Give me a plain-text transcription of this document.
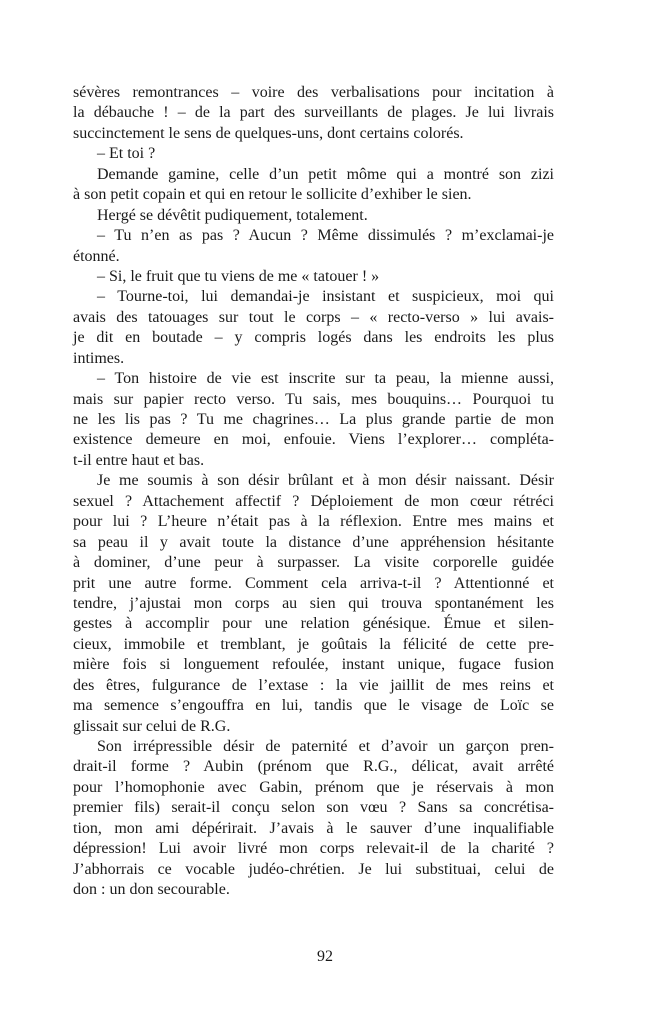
sévères remontrances – voire des verbalisations pour incitation à
la débauche ! – de la part des surveillants de plages. Je lui livrais
succinctement le sens de quelques-uns, dont certains colorés.
– Et toi ?
Demande gamine, celle d’un petit môme qui a montré son zizi
à son petit copain et qui en retour le sollicite d’exhiber le sien.
Hergé se dévêtit pudiquement, totalement.
– Tu n’en as pas ? Aucun ? Même dissimulés ? m’exclamai-je
étonné.
– Si, le fruit que tu viens de me « tatouer ! »
– Tourne-toi, lui demandai-je insistant et suspicieux, moi qui
avais des tatouages sur tout le corps – « recto-verso » lui avais-
je dit en boutade – y compris logés dans les endroits les plus
intimes.
– Ton histoire de vie est inscrite sur ta peau, la mienne aussi,
mais sur papier recto verso. Tu sais, mes bouquins… Pourquoi tu
ne les lis pas ? Tu me chagrines… La plus grande partie de mon
existence demeure en moi, enfouie. Viens l’explorer… compléta-
t-il entre haut et bas.
Je me soumis à son désir brûlant et à mon désir naissant. Désir
sexuel ? Attachement affectif ? Déploiement de mon cœur rétréci
pour lui ? L’heure n’était pas à la réflexion. Entre mes mains et
sa peau il y avait toute la distance d’une appréhension hésitante
à dominer, d’une peur à surpasser. La visite corporelle guidée
prit une autre forme. Comment cela arriva-t-il ? Attentionné et
tendre, j’ajustai mon corps au sien qui trouva spontanément les
gestes à accomplir pour une relation génésique. Émue et silen-
cieux, immobile et tremblant, je goûtais la félicité de cette pre-
mière fois si longuement refoulée, instant unique, fugace fusion
des êtres, fulgurance de l’extase : la vie jaillit de mes reins et
ma semence s’engouffra en lui, tandis que le visage de Loïc se
glissait sur celui de R.G.
Son irrépressible désir de paternité et d’avoir un garçon pren-
drait-il forme ? Aubin (prénom que R.G., délicat, avait arrêté
pour l’homophonie avec Gabin, prénom que je réservais à mon
premier fils) serait-il conçu selon son vœu ? Sans sa concrétisa-
tion, mon ami dépérirait. J’avais à le sauver d’une inqualifiable
dépression! Lui avoir livré mon corps relevait-il de la charité ?
J’abhorrais ce vocable judéo-chrétien. Je lui substituai, celui de
don : un don secourable.
92
